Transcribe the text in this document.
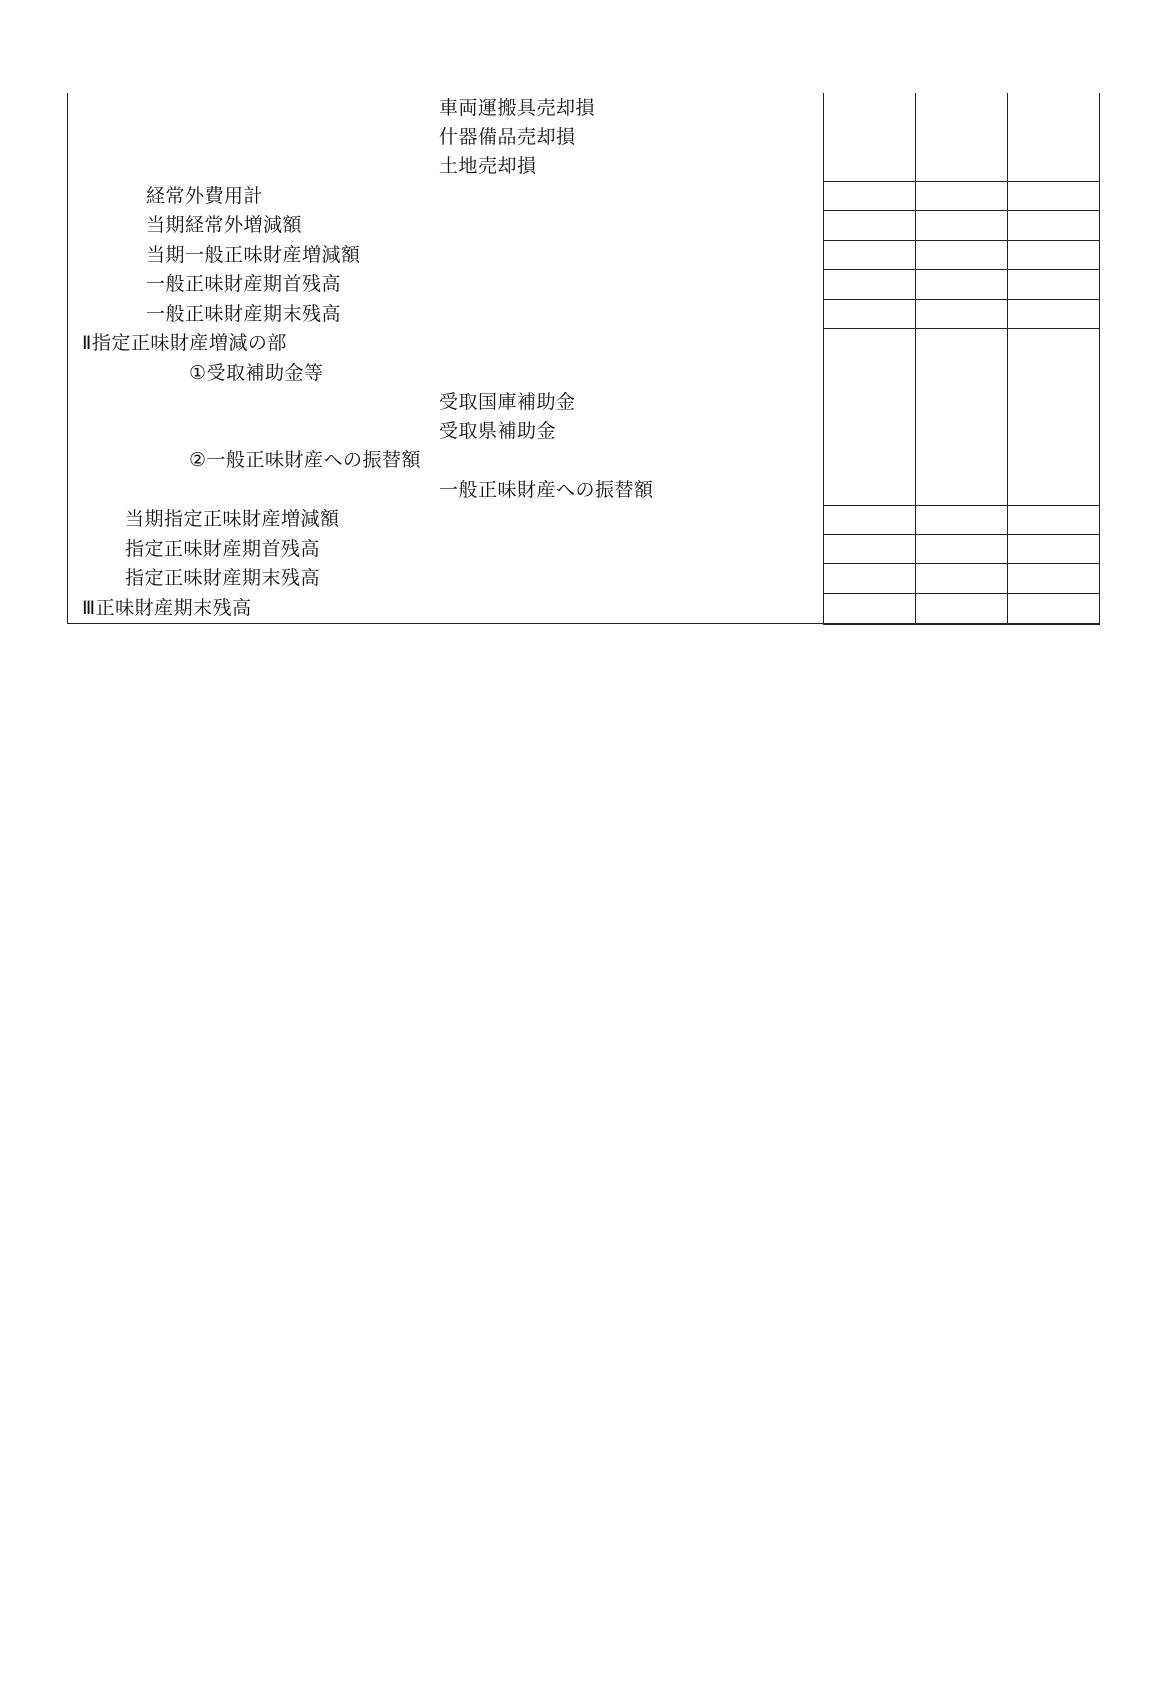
車両運搬具売却損
什器備品売却損
土地売却損
経常外費用計
当期経常外増減額
当期一般正味財産増減額
一般正味財産期首残高
一般正味財産期末残高
Ⅱ指定正味財産増減の部
①受取補助金等
受取国庫補助金
受取県補助金
②一般正味財産への振替額
一般正味財産への振替額
当期指定正味財産増減額
指定正味財産期首残高
指定正味財産期末残高
Ⅲ正味財産期末残高
